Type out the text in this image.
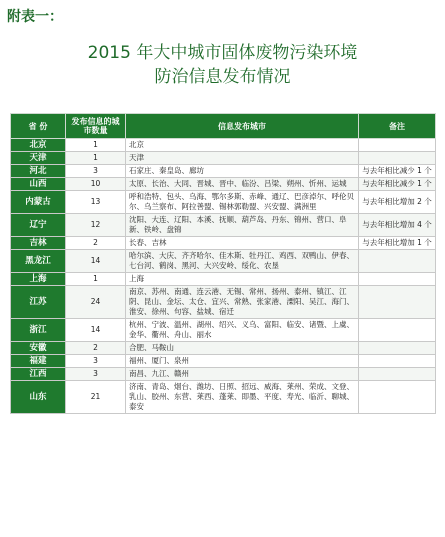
附表一：
2015 年大中城市固体废物污染环境
防治信息发布情况
省 份	发布信息的城市数量	信息发布城市	备注
北京	1	北京	
天津	1	天津	
河北	3	石家庄、秦皇岛、廊坊	与去年相比减少 1 个
山西	10	太原、长治、大同、晋城、晋中、临汾、吕梁、朔州、忻州、运城	与去年相比减少 1 个
内蒙古	13	呼和浩特、包头、乌海、鄂尔多斯、赤峰、通辽、巴彦淖尔、呼伦贝尔、乌兰察布、阿拉善盟、锡林郭勒盟、兴安盟、满洲里	与去年相比增加 2 个
辽宁	12	沈阳、大连、辽阳、本溪、抚顺、葫芦岛、丹东、锦州、营口、阜新、铁岭、盘锦	与去年相比增加 4 个
吉林	2	长春、吉林	与去年相比增加 1 个
黑龙江	14	哈尔滨、大庆、齐齐哈尔、佳木斯、牡丹江、鸡西、双鸭山、伊春、七台河、鹤岗、黑河、大兴安岭、绥化、农垦	
上海	1	上海	
江苏	24	南京、苏州、南通、连云港、无锡、常州、扬州、泰州、镇江、江阴、昆山、金坛、太仓、宜兴、常熟、张家港、溧阳、吴江、海门、淮安、徐州、句容、盐城、宿迁	
浙江	14	杭州、宁波、温州、湖州、绍兴、义乌、富阳、临安、诸暨、上虞、金华、衢州、舟山、丽水	
安徽	2	合肥、马鞍山	
福建	3	福州、厦门、泉州	
江西	3	南昌、九江、赣州	
山东	21	济南、青岛、烟台、潍坊、日照、招远、威海、莱州、荣成、文登、乳山、胶州、东营、莱西、蓬莱、即墨、平度、寿光、临沂、聊城、泰安	
